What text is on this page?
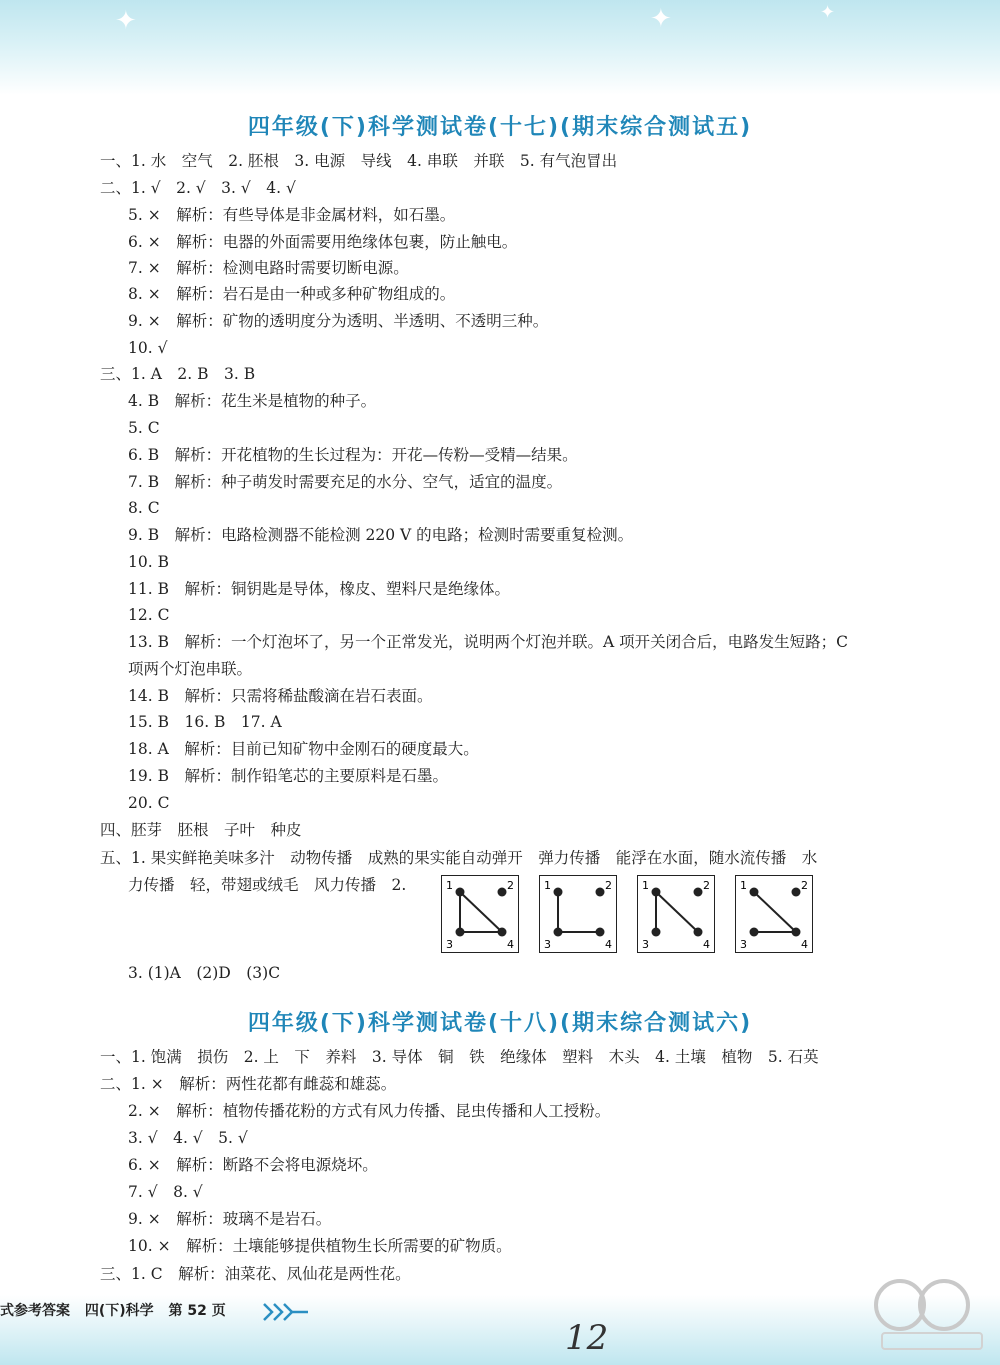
✦	✦	✦
四年级(下)科学测试卷(十七)(期末综合测试五)
一、1. 水　空气　2. 胚根　3. 电源　导线　4. 串联　并联　5. 有气泡冒出
二、1. √　2. √　3. √　4. √
5. ×　解析：有些导体是非金属材料，如石墨。
6. ×　解析：电器的外面需要用绝缘体包裹，防止触电。
7. ×　解析：检测电路时需要切断电源。
8. ×　解析：岩石是由一种或多种矿物组成的。
9. ×　解析：矿物的透明度分为透明、半透明、不透明三种。
10. √
三、1. A　2. B　3. B
4. B　解析：花生米是植物的种子。
5. C
6. B　解析：开花植物的生长过程为：开花—传粉—受精—结果。
7. B　解析：种子萌发时需要充足的水分、空气，适宜的温度。
8. C
9. B　解析：电路检测器不能检测 220 V 的电路；检测时需要重复检测。
10. B
11. B　解析：铜钥匙是导体，橡皮、塑料尺是绝缘体。
12. C
13. B　解析：一个灯泡坏了，另一个正常发光，说明两个灯泡并联。A 项开关闭合后，电路发生短路；C
项两个灯泡串联。
14. B　解析：只需将稀盐酸滴在岩石表面。
15. B　16. B　17. A
18. A　解析：目前已知矿物中金刚石的硬度最大。
19. B　解析：制作铅笔芯的主要原料是石墨。
20. C
四、胚芽　胚根　子叶　种皮
五、1. 果实鲜艳美味多汁　动物传播　成熟的果实能自动弹开　弹力传播　能浮在水面，随水流传播　水
力传播　轻，带翅或绒毛　风力传播　2.	1	2
3	4
1	2
3	4
1	2
3	4
1	2
3	4
3. (1)A　(2)D　(3)C
四年级(下)科学测试卷(十八)(期末综合测试六)
一、1. 饱满　损伤　2. 上　下　养料　3. 导体　铜　铁　绝缘体　塑料　木头　4. 土壤　植物　5. 石英
二、1. ×　解析：两性花都有雌蕊和雄蕊。
2. ×　解析：植物传播花粉的方式有风力传播、昆虫传播和人工授粉。
3. √　4. √　5. √
6. ×　解析：断路不会将电源烧坏。
7. √　8. √
9. ×　解析：玻璃不是岩石。
10. ×　解析：土壤能够提供植物生长所需要的矿物质。
三、1. C　解析：油菜花、凤仙花是两性花。
式参考答案 四(下)科学 第 52 页
12
